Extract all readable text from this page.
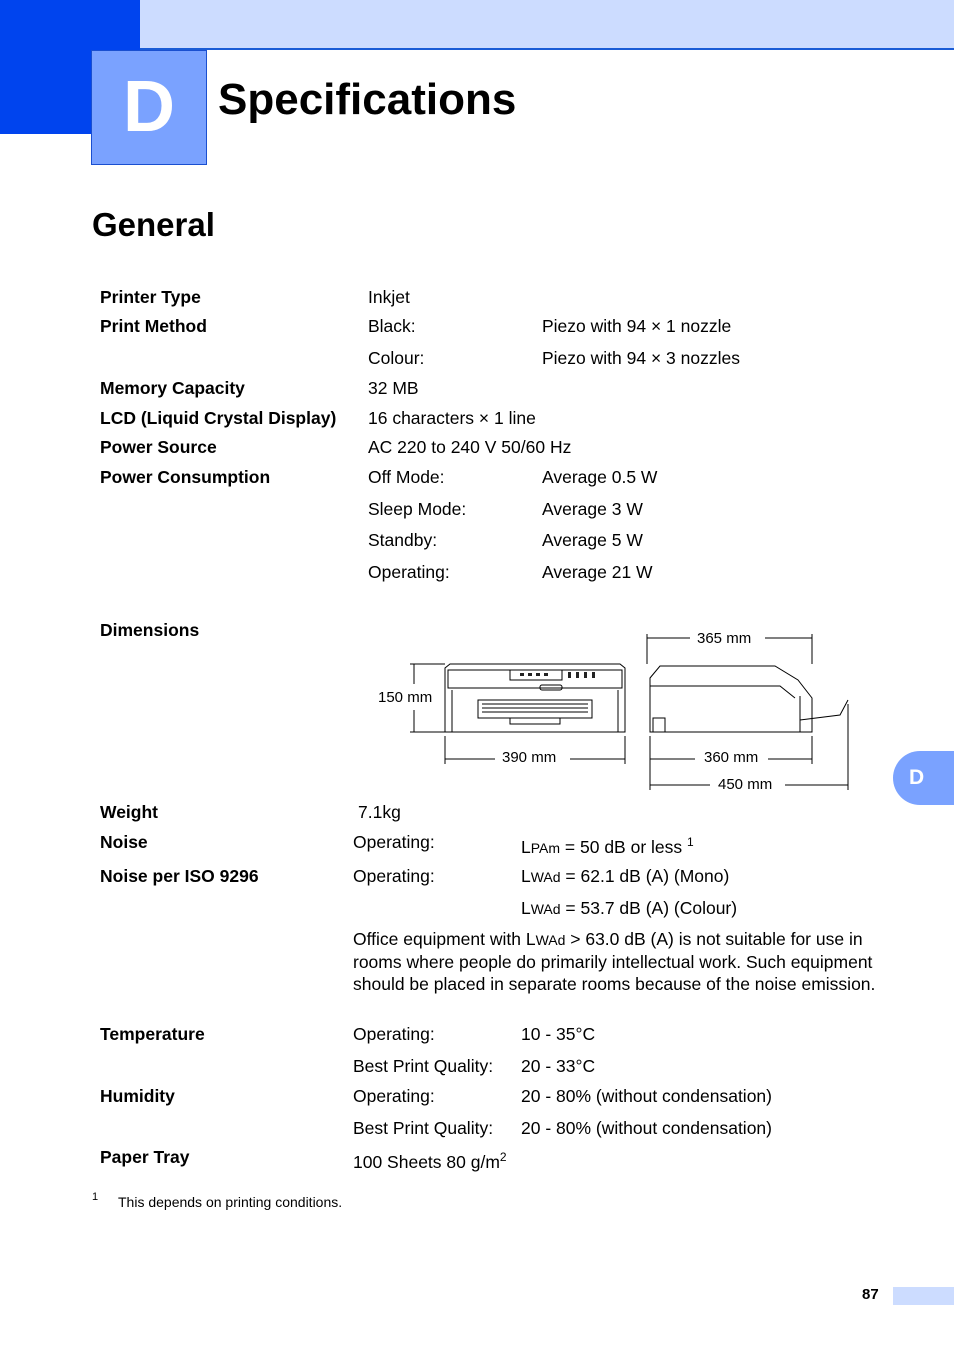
D Specifications
General
Printer Type	Inkjet
Print Method	Black:	Piezo with 94 × 1 nozzle
Colour:	Piezo with 94 × 3 nozzles
Memory Capacity	32 MB
LCD (Liquid Crystal Display) 16 characters × 1 line
Power Source	AC 220 to 240 V 50/60 Hz
Power Consumption	Off Mode:	Average 0.5 W
Sleep Mode:	Average 3 W
Standby:	Average 5 W
Operating:	Average 21 W
Dimensions
150 mm
390 mm
365 mm
360 mm
450 mm
Weight	7.1kg
Noise	Operating:	LPAm = 50 dB or less $^1$
Noise per ISO 9296	Operating:	LWAd = 62.1 dB (A) (Mono)
LWAd = 53.7 dB (A) (Colour)
Office equipment with LWAd > 63.0 dB (A) is not suitable for use in rooms where people do primarily intellectual work. Such equipment should be placed in separate rooms because of the noise emission.
Temperature	Operating:	10 - 35°C
Best Print Quality: 20 - 33°C
Humidity	Operating:	20 - 80% (without condensation)
Best Print Quality: 20 - 80% (without condensation)
Paper Tray	100 Sheets 80 $g/m^2$
1 This depends on printing conditions.
D
87
